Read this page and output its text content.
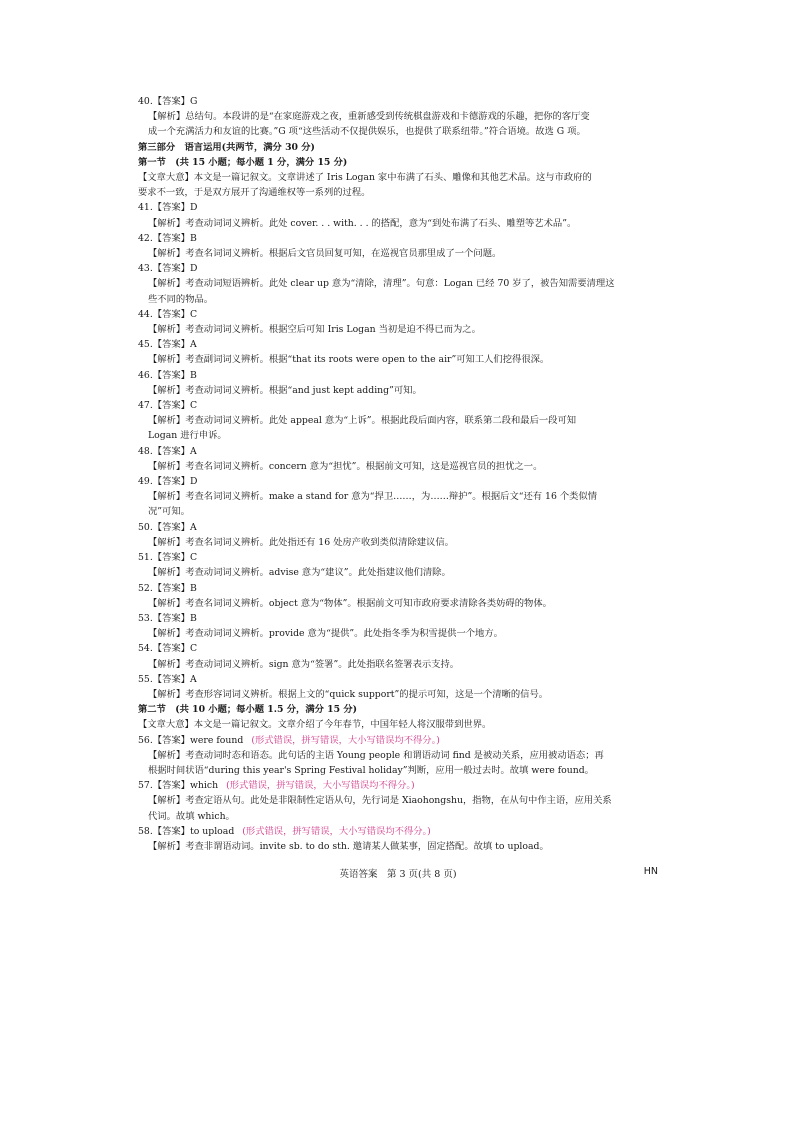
40.【答案】G
【解析】总结句。本段讲的是“在家庭游戏之夜，重新感受到传统棋盘游戏和卡德游戏的乐趣，把你的客厅变
成一个充满活力和友谊的比赛。”G 项“这些活动不仅提供娱乐，也提供了联系纽带。”符合语境。故选 G 项。
第三部分　语言运用(共两节，满分 30 分)
第一节　(共 15 小题；每小题 1 分，满分 15 分)
【文章大意】本文是一篇记叙文。文章讲述了 Iris Logan 家中布满了石头、雕像和其他艺术品。这与市政府的
要求不一致，于是双方展开了沟通维权等一系列的过程。
41.【答案】D
【解析】考查动词词义辨析。此处 cover. . . with. . . 的搭配，意为“到处布满了石头、雕塑等艺术品”。
42.【答案】B
【解析】考查名词词义辨析。根据后文官员回复可知，在巡视官员那里成了一个问题。
43.【答案】D
【解析】考查动词短语辨析。此处 clear up 意为“清除，清理”。句意：Logan 已经 70 岁了，被告知需要清理这
些不同的物品。
44.【答案】C
【解析】考查动词词义辨析。根据空后可知 Iris Logan 当初是迫不得已而为之。
45.【答案】A
【解析】考查副词词义辨析。根据“that its roots were open to the air”可知工人们挖得很深。
46.【答案】B
【解析】考查动词词义辨析。根据“and just kept adding”可知。
47.【答案】C
【解析】考查动词词义辨析。此处 appeal 意为“上诉”。根据此段后面内容，联系第二段和最后一段可知
Logan 进行申诉。
48.【答案】A
【解析】考查名词词义辨析。concern 意为“担忧”。根据前文可知，这是巡视官员的担忧之一。
49.【答案】D
【解析】考查名词词义辨析。make a stand for 意为“捍卫……，为……辩护”。根据后文“还有 16 个类似情
况”可知。
50.【答案】A
【解析】考查名词词义辨析。此处指还有 16 处房产收到类似清除建议信。
51.【答案】C
【解析】考查动词词义辨析。advise 意为“建议”。此处指建议他们清除。
52.【答案】B
【解析】考查名词词义辨析。object 意为“物体”。根据前文可知市政府要求清除各类妨碍的物体。
53.【答案】B
【解析】考查动词词义辨析。provide 意为“提供”。此处指冬季为积雪提供一个地方。
54.【答案】C
【解析】考查动词词义辨析。sign 意为“签署”。此处指联名签署表示支持。
55.【答案】A
【解析】考查形容词词义辨析。根据上文的“quick support”的提示可知，这是一个清晰的信号。
第二节　(共 10 小题；每小题 1.5 分，满分 15 分)
【文章大意】本文是一篇记叙文。文章介绍了今年春节，中国年轻人将汉服带到世界。
56.【答案】were found (形式错误，拼写错误，大小写错误均不得分。)
【解析】考查动词时态和语态。此句话的主语 Young people 和谓语动词 find 是被动关系，应用被动语态；再
根据时间状语“during this year's Spring Festival holiday”判断，应用一般过去时。故填 were found。
57.【答案】which (形式错误，拼写错误，大小写错误均不得分。)
【解析】考查定语从句。此处是非限制性定语从句，先行词是 Xiaohongshu，指物，在从句中作主语，应用关系
代词。故填 which。
58.【答案】to upload (形式错误，拼写错误，大小写错误均不得分。)
【解析】考查非谓语动词。invite sb. to do sth. 邀请某人做某事，固定搭配。故填 to upload。
英语答案　第 3 页(共 8 页)	HN
